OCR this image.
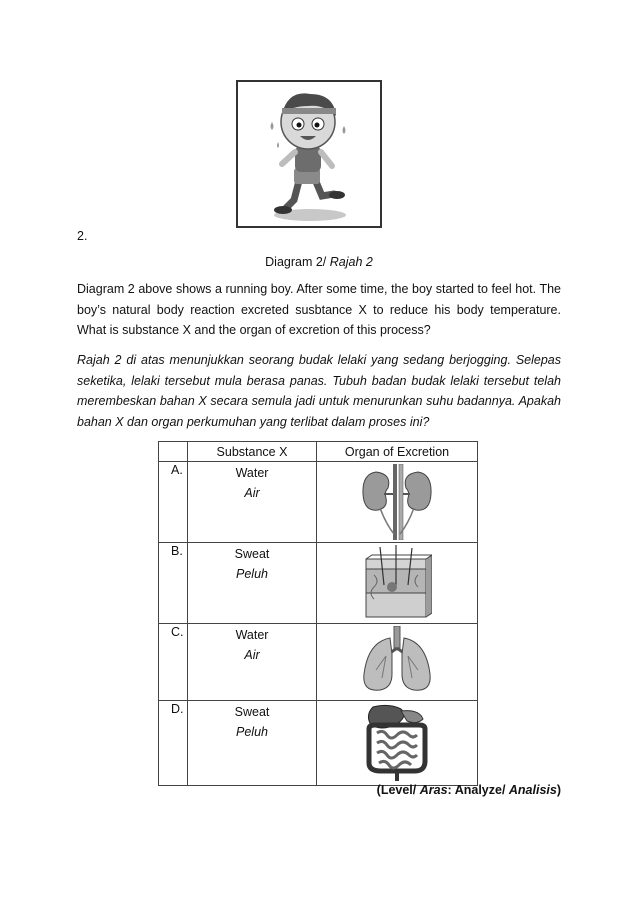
2.
Diagram 2/ Rajah 2
Diagram 2 above shows a running boy. After some time, the boy started to feel hot. The boy’s natural body reaction excreted susbtance X to reduce his body temperature. What is substance X and the organ of excretion of this process?
Rajah 2 di atas menunjukkan seorang budak lelaki yang sedang berjogging. Selepas seketika, lelaki tersebut mula berasa panas. Tubuh badan budak lelaki tersebut telah merembeskan bahan X secara semula jadi untuk menurunkan suhu badannya. Apakah bahan X dan organ perkumuhan yang terlibat dalam proses ini?
	Substance X	Organ of Excretion
A.	Water
Air

B.	Sweat
Peluh

C.	Water
Air

D.	Sweat
Peluh

(Level/ Aras: Analyze/ Analisis)
